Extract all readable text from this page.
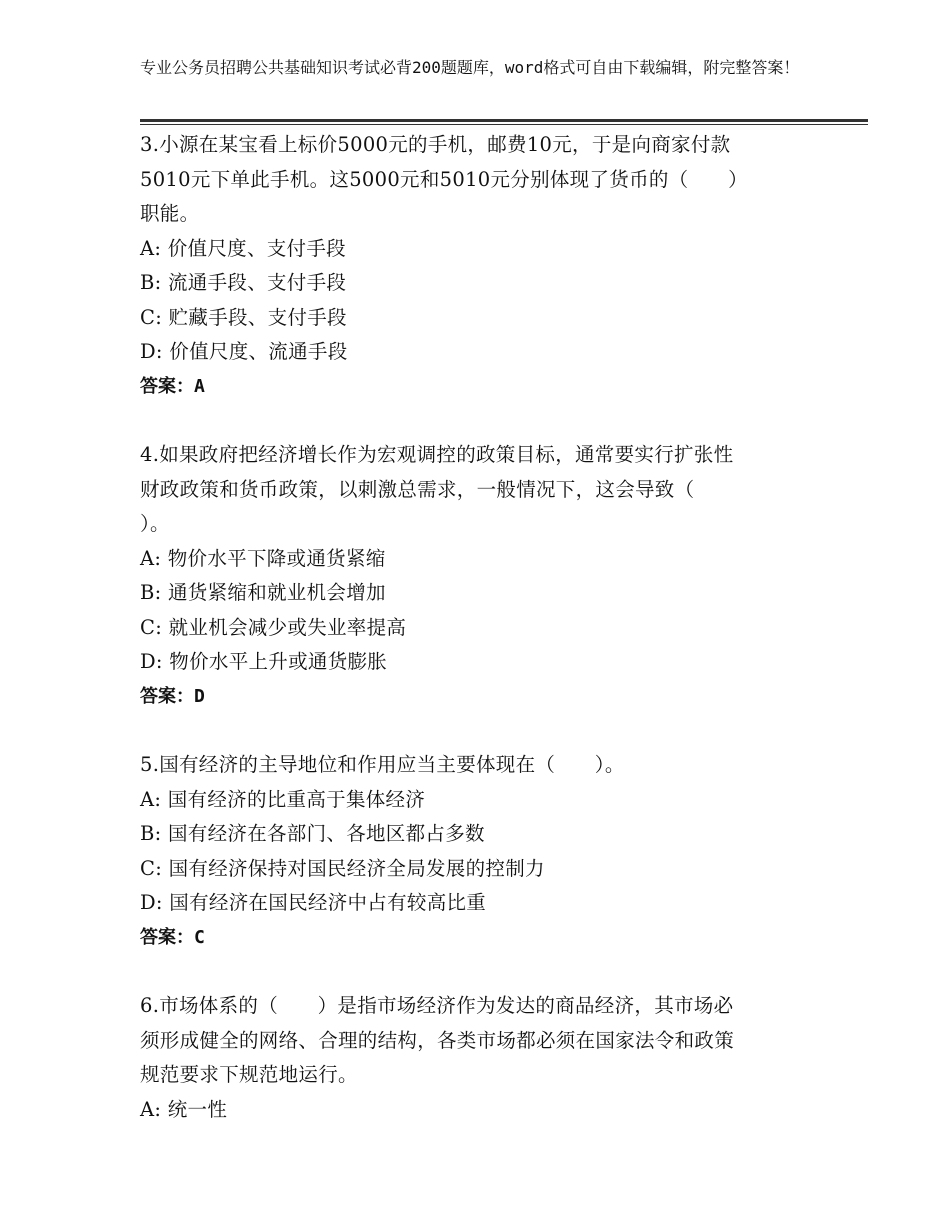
专业公务员招聘公共基础知识考试必背200题题库，word格式可自由下载编辑，附完整答案！

3.小源在某宝看上标价5000元的手机，邮费10元，于是向商家付款

5010元下单此手机。这5000元和5010元分别体现了货币的（　　）

职能。

A: 价值尺度、支付手段

B: 流通手段、支付手段

C: 贮藏手段、支付手段

D: 价值尺度、流通手段

答案：A

4.如果政府把经济增长作为宏观调控的政策目标，通常要实行扩张性

财政政策和货币政策，以刺激总需求，一般情况下，这会导致（

）。

A: 物价水平下降或通货紧缩

B: 通货紧缩和就业机会增加

C: 就业机会减少或失业率提高

D: 物价水平上升或通货膨胀

答案：D

5.国有经济的主导地位和作用应当主要体现在（　　）。

A: 国有经济的比重高于集体经济

B: 国有经济在各部门、各地区都占多数

C: 国有经济保持对国民经济全局发展的控制力

D: 国有经济在国民经济中占有较高比重

答案：C

6.市场体系的（　　）是指市场经济作为发达的商品经济，其市场必

须形成健全的网络、合理的结构，各类市场都必须在国家法令和政策

规范要求下规范地运行。

A: 统一性
